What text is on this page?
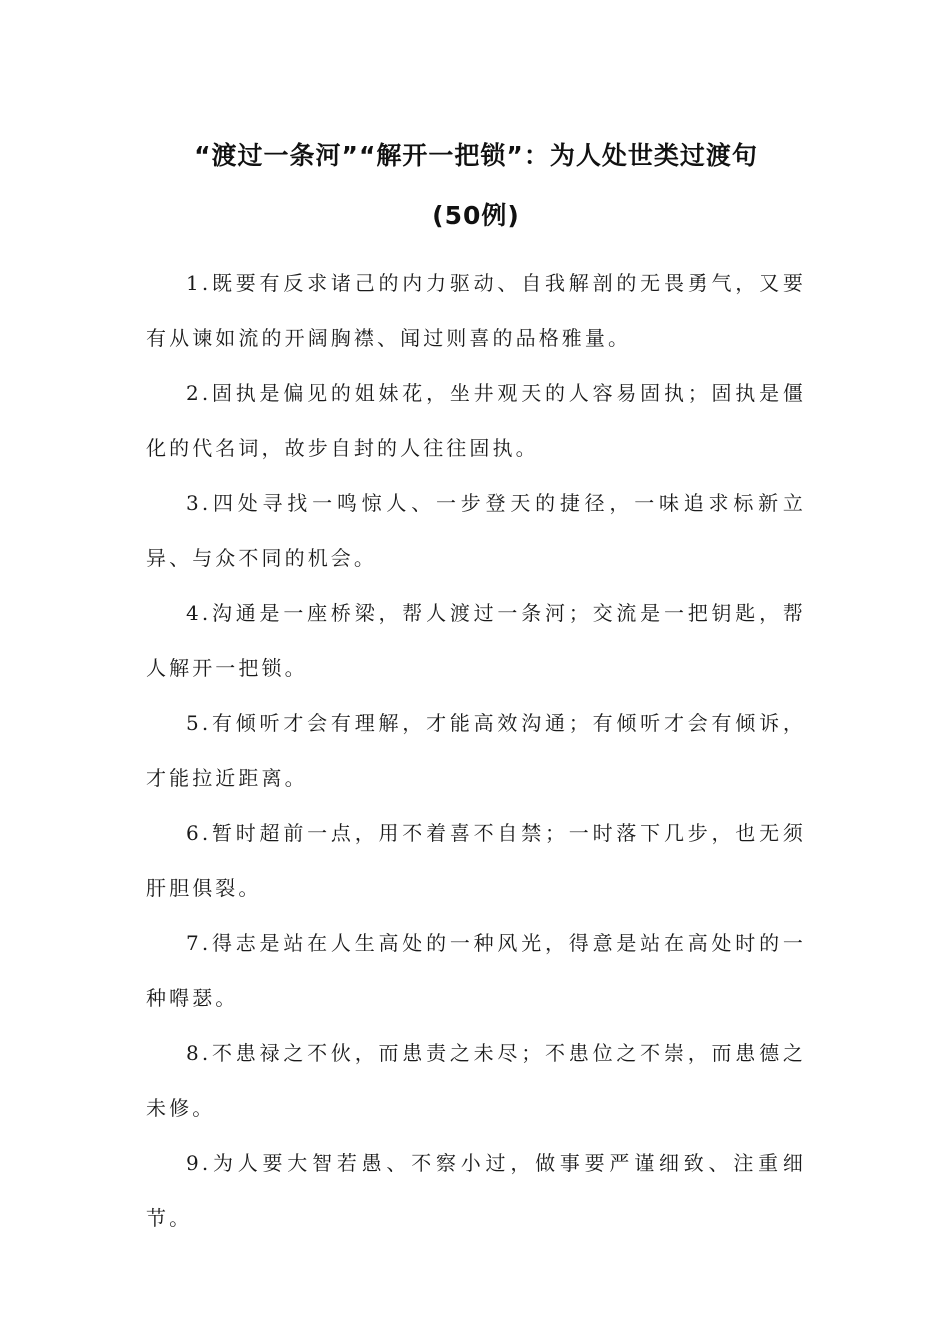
“渡过一条河”“解开一把锁”：为人处世类过渡句
(50例)

1.既要有反求诸己的内力驱动、自我解剖的无畏勇气，又要有从谏如流的开阔胸襟、闻过则喜的品格雅量。

2.固执是偏见的姐妹花，坐井观天的人容易固执；固执是僵化的代名词，故步自封的人往往固执。

3.四处寻找一鸣惊人、一步登天的捷径，一味追求标新立异、与众不同的机会。

4.沟通是一座桥梁，帮人渡过一条河；交流是一把钥匙，帮人解开一把锁。

5.有倾听才会有理解，才能高效沟通；有倾听才会有倾诉，才能拉近距离。

6.暂时超前一点，用不着喜不自禁；一时落下几步，也无须肝胆俱裂。

7.得志是站在人生高处的一种风光，得意是站在高处时的一种嘚瑟。

8.不患禄之不伙，而患责之未尽；不患位之不崇，而患德之未修。

9.为人要大智若愚、不察小过，做事要严谨细致、注重细节。
